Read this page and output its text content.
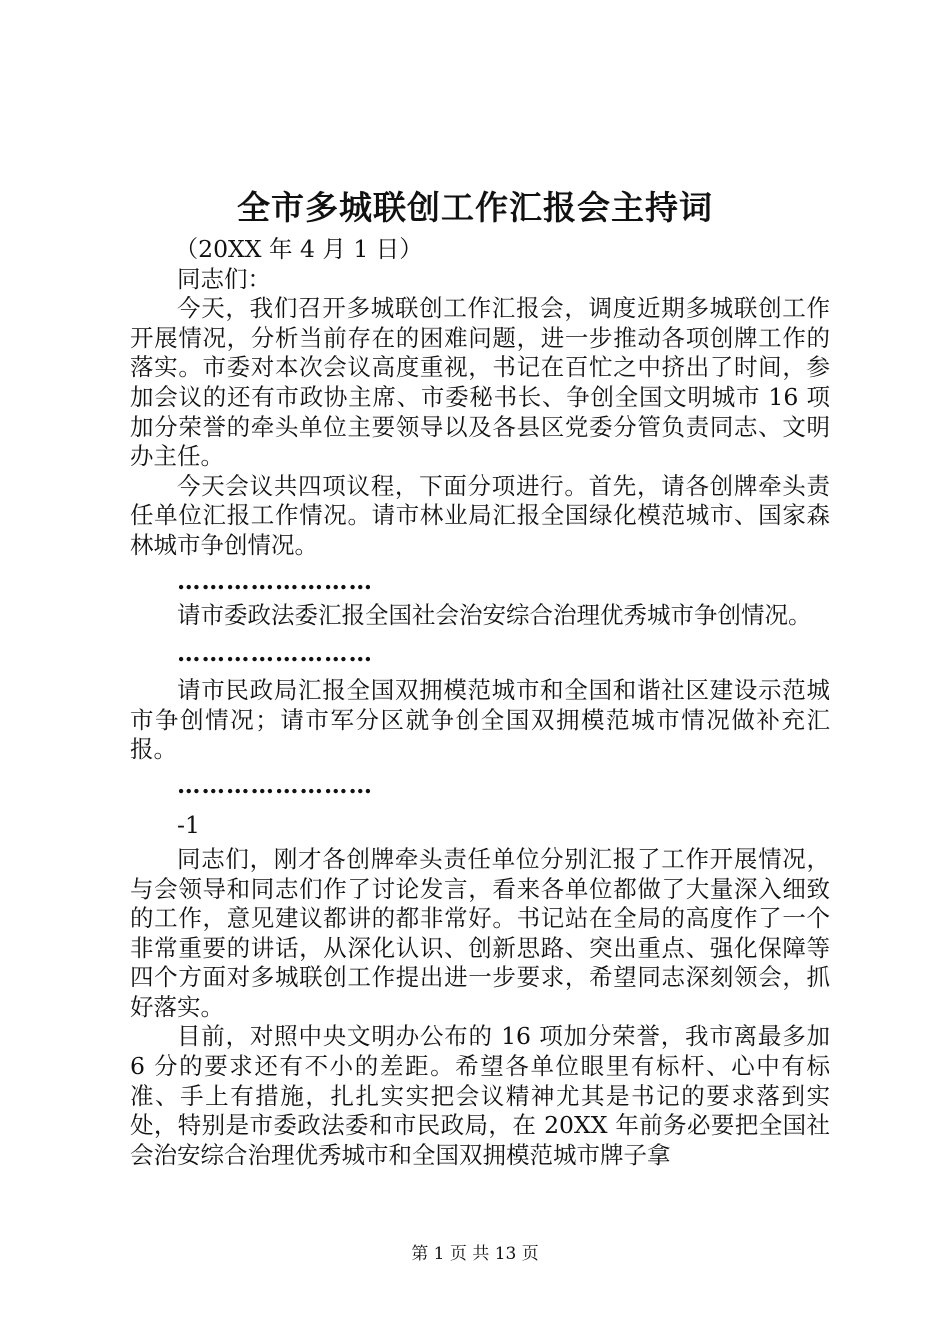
全市多城联创工作汇报会主持词

（20XX 年 4 月 1 日）

同志们：

今天，我们召开多城联创工作汇报会，调度近期多城联创工作开展情况，分析当前存在的困难问题，进一步推动各项创牌工作的落实。市委对本次会议高度重视，书记在百忙之中挤出了时间，参加会议的还有市政协主席、市委秘书长、争创全国文明城市 16 项加分荣誉的牵头单位主要领导以及各县区党委分管负责同志、文明办主任。

今天会议共四项议程，下面分项进行。首先，请各创牌牵头责任单位汇报工作情况。请市林业局汇报全国绿化模范城市、国家森林城市争创情况。

……………………

请市委政法委汇报全国社会治安综合治理优秀城市争创情况。

……………………

请市民政局汇报全国双拥模范城市和全国和谐社区建设示范城市争创情况；请市军分区就争创全国双拥模范城市情况做补充汇报。

……………………

-1

同志们，刚才各创牌牵头责任单位分别汇报了工作开展情况，与会领导和同志们作了讨论发言，看来各单位都做了大量深入细致的工作，意见建议都讲的都非常好。书记站在全局的高度作了一个非常重要的讲话，从深化认识、创新思路、突出重点、强化保障等四个方面对多城联创工作提出进一步要求，希望同志深刻领会，抓好落实。

目前，对照中央文明办公布的 16 项加分荣誉，我市离最多加 6 分的要求还有不小的差距。希望各单位眼里有标杆、心中有标准、手上有措施，扎扎实实把会议精神尤其是书记的要求落到实处，特别是市委政法委和市民政局，在 20XX 年前务必要把全国社会治安综合治理优秀城市和全国双拥模范城市牌子拿

第 1 页 共 13 页
